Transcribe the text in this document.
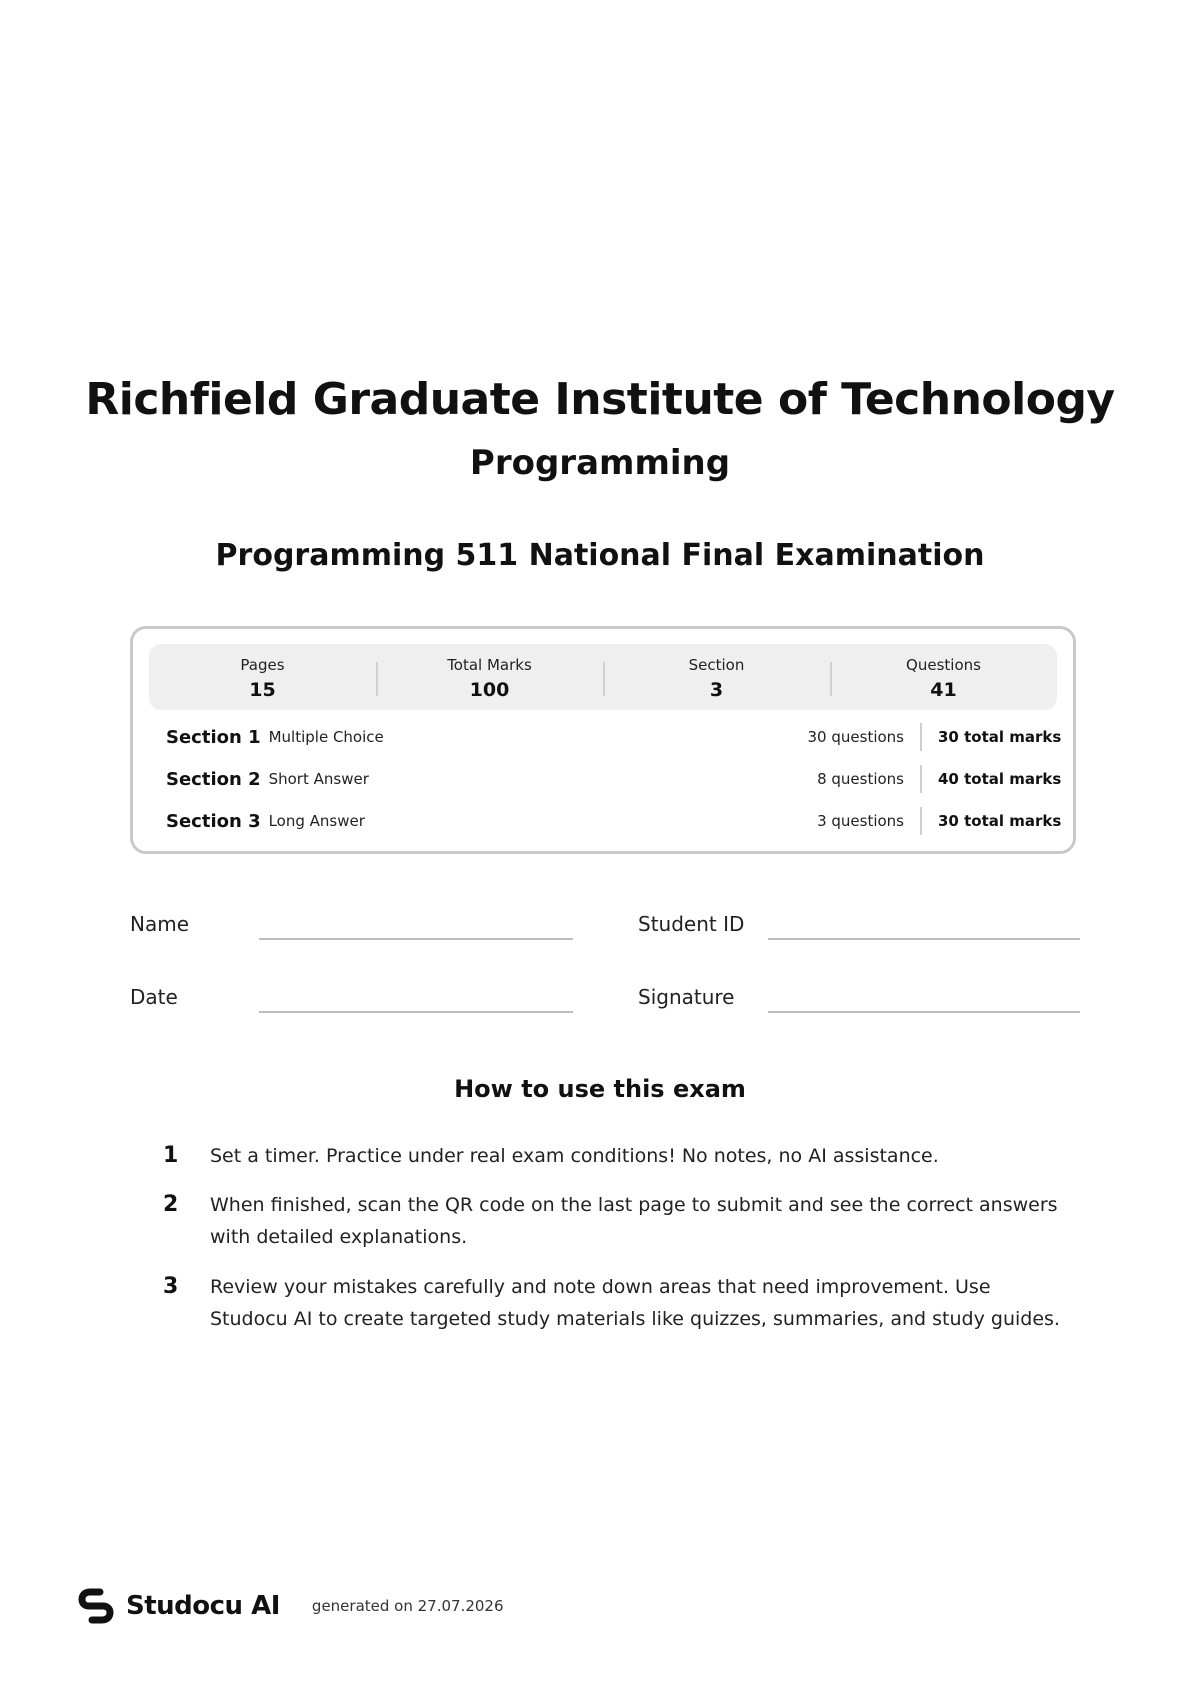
Richfield Graduate Institute of Technology
Programming
Programming 511 National Final Examination
Pages
15
Total Marks
100
Section
3
Questions
41
Section 1 Multiple Choice	30 questions	30 total marks
Section 2 Short Answer	8 questions	40 total marks
Section 3 Long Answer	3 questions	30 total marks
Name	Student ID
Date	Signature
How to use this exam
1	Set a timer. Practice under real exam conditions! No notes, no AI assistance.
2	When finished, scan the QR code on the last page to submit and see the correct answers with detailed explanations.
3	Review your mistakes carefully and note down areas that need improvement. Use Studocu AI to create targeted study materials like quizzes, summaries, and study guides.
Studocu AI generated on 27.07.2026
